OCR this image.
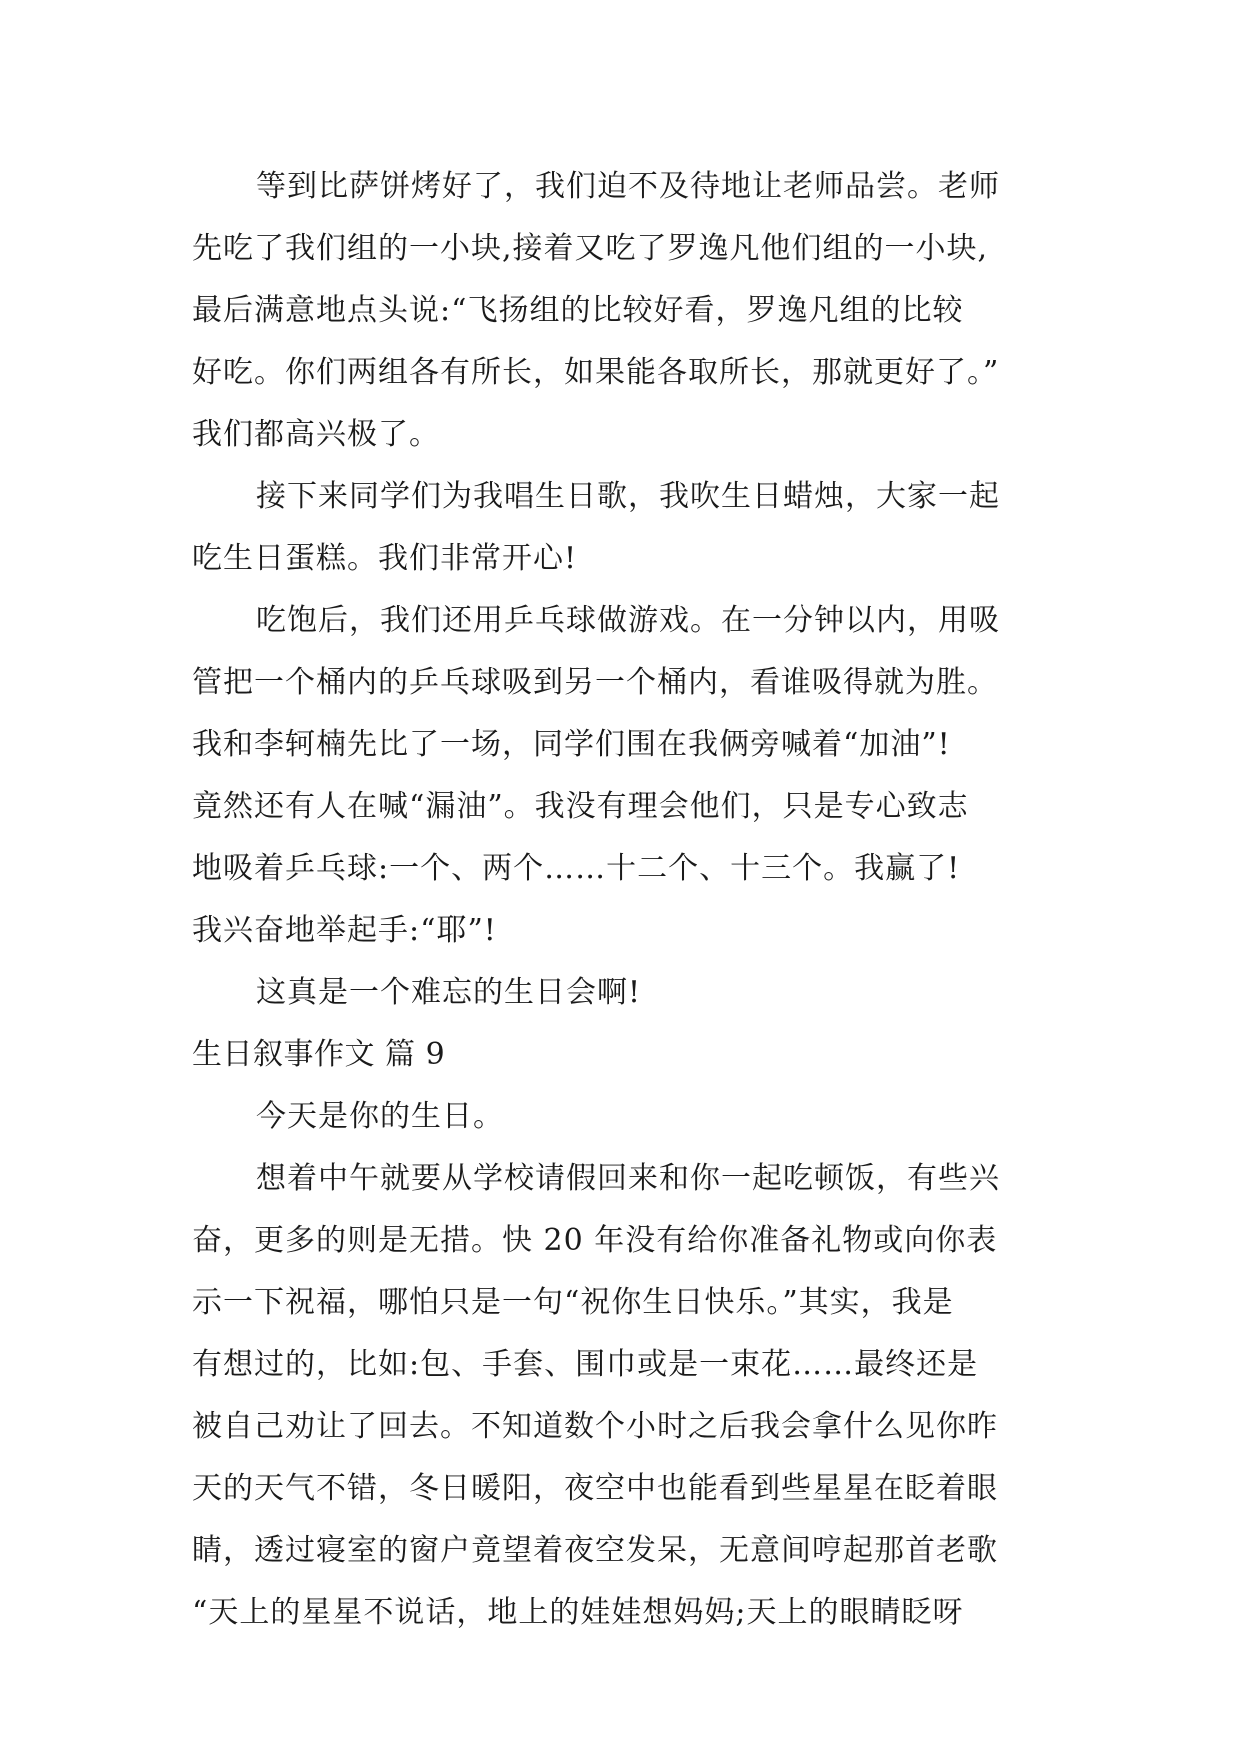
等到比萨饼烤好了，我们迫不及待地让老师品尝。老师
先吃了我们组的一小块,接着又吃了罗逸凡他们组的一小块,
最后满意地点头说:“飞扬组的比较好看，罗逸凡组的比较
好吃。你们两组各有所长，如果能各取所长，那就更好了。”
我们都高兴极了。
接下来同学们为我唱生日歌，我吹生日蜡烛，大家一起
吃生日蛋糕。我们非常开心!
吃饱后，我们还用乒乓球做游戏。在一分钟以内，用吸
管把一个桶内的乒乓球吸到另一个桶内，看谁吸得就为胜。
我和李轲楠先比了一场，同学们围在我俩旁喊着“加油”!
竟然还有人在喊“漏油”。我没有理会他们，只是专心致志
地吸着乒乓球:一个、两个……十二个、十三个。我赢了!
我兴奋地举起手:“耶”!
这真是一个难忘的生日会啊!
生日叙事作文 篇 9
今天是你的生日。
想着中午就要从学校请假回来和你一起吃顿饭，有些兴
奋，更多的则是无措。快 20 年没有给你准备礼物或向你表
示一下祝福，哪怕只是一句“祝你生日快乐。”其实，我是
有想过的，比如:包、手套、围巾或是一束花……最终还是
被自己劝让了回去。不知道数个小时之后我会拿什么见你昨
天的天气不错，冬日暖阳，夜空中也能看到些星星在眨着眼
睛，透过寝室的窗户竟望着夜空发呆，无意间哼起那首老歌
“天上的星星不说话，地上的娃娃想妈妈;天上的眼睛眨呀
